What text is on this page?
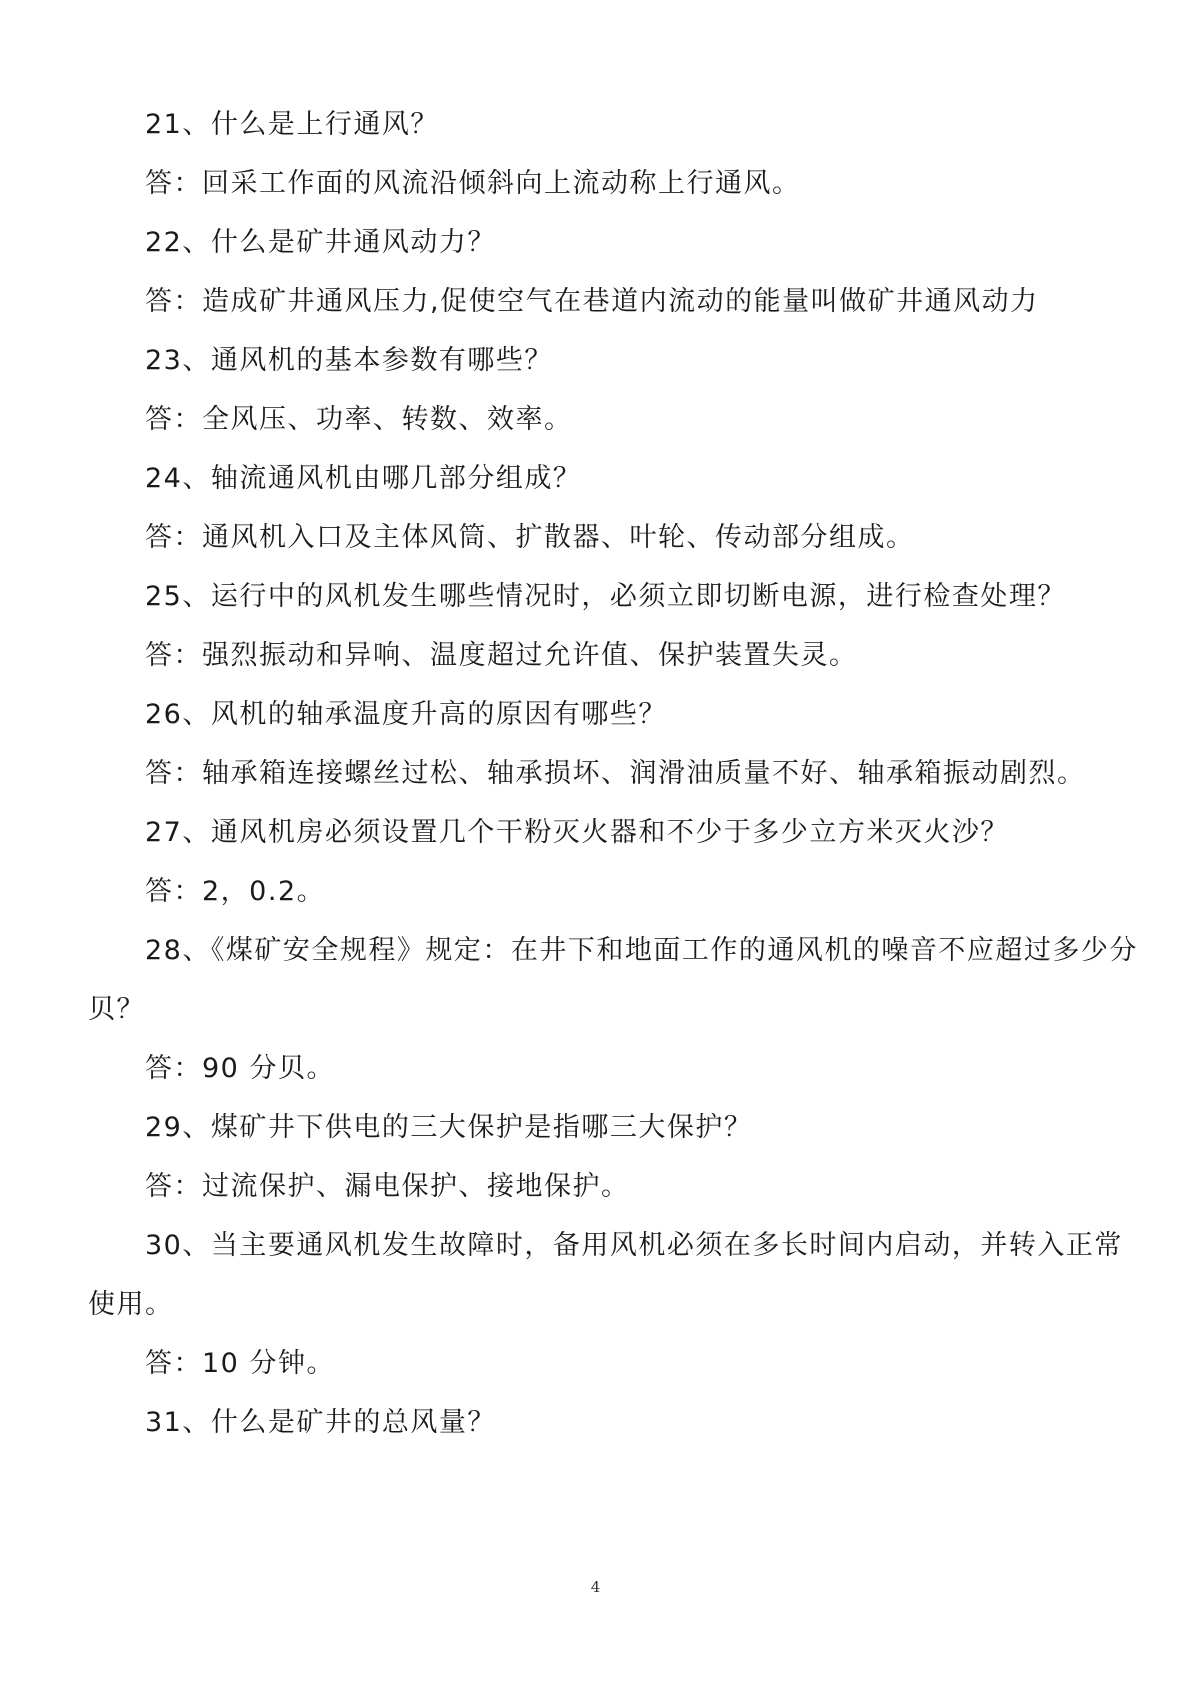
21、什么是上行通风？
答：回采工作面的风流沿倾斜向上流动称上行通风。
22、什么是矿井通风动力？
答：造成矿井通风压力,促使空气在巷道内流动的能量叫做矿井通风动力
23、通风机的基本参数有哪些？
答：全风压、功率、转数、效率。
24、轴流通风机由哪几部分组成？
答：通风机入口及主体风筒、扩散器、叶轮、传动部分组成。
25、运行中的风机发生哪些情况时，必须立即切断电源，进行检查处理？
答：强烈振动和异响、温度超过允许值、保护装置失灵。
26、风机的轴承温度升高的原因有哪些？
答：轴承箱连接螺丝过松、轴承损坏、润滑油质量不好、轴承箱振动剧烈。
27、通风机房必须设置几个干粉灭火器和不少于多少立方米灭火沙？
答：2，0.2。
28、《煤矿安全规程》规定：在井下和地面工作的通风机的噪音不应超过多少分
贝？
答：90 分贝。
29、煤矿井下供电的三大保护是指哪三大保护？
答：过流保护、漏电保护、接地保护。
30、当主要通风机发生故障时，备用风机必须在多长时间内启动，并转入正常
使用。
答：10 分钟。
31、什么是矿井的总风量？
4
